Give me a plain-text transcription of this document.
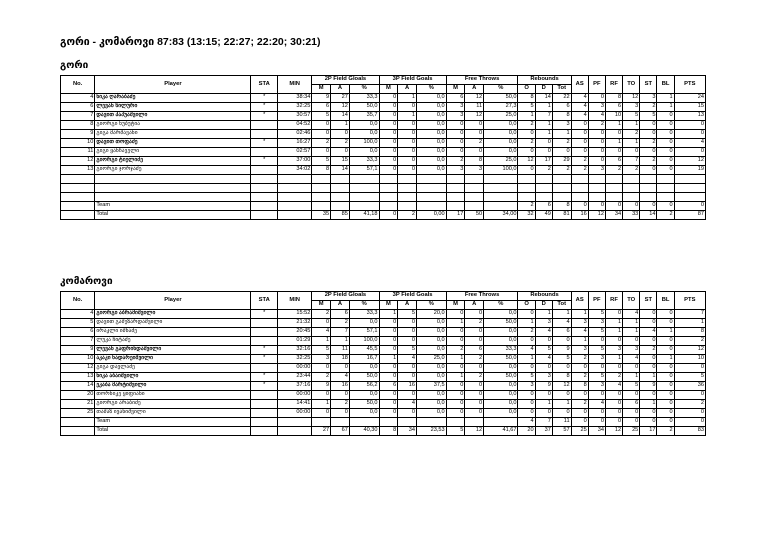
გორი - კომაროვი 87:83 (13:15; 22:27; 22:20; 30:21)
გორი
No.	Player	STA	MIN	2P Field Gloals			3P Field Goals			Free Throws			Rebounds			AS	PF	RF	TO	ST	BL	PTS
				M	A	%	M	A	%	M	A	%	O	D	Tot							
4	ნიკა ღარაბაძე	*	38:34	9	27	33,3	0	1	0,0	6	12	50,0	8	14	22	4	0	8	12	3	1	24
6	ლევან წილური	*	32:25	6	12	50,0	0	0	0,0	3	11	27,3	5	1	6	4	3	6	3	2	1	15
7	დავით პაპუაშვილი	*	30:57	5	14	35,7	0	1	0,0	3	12	25,0	1	7	8	4	4	10	5	5	0	13
8	გიორგი ხუბუტია		04:52	0	1	0,0	0	0	0,0	0	0	0,0	2	1	3	0	2	1	1	0	0	0
9	გიგა მარშავანი		02:46	0	0	0,0	0	0	0,0	0	0	0,0	0	1	1	0	0	0	2	0	0	0
10	დავით თოფაძე	*	16:27	2	2	100,0	0	0	0,0	0	2	0,0	2	0	2	0	0	1	1	2	0	4
11	გიგი ყანჩაველი		02:57	0	0	0,0	0	0	0,0	0	0	0,0	0	0	0	0	0	0	0	0	0	0
12	გიორგი ტიელიძე	*	37:00	5	15	33,3	0	0	0,0	2	8	25,0	12	17	29	2	0	6	7	2	0	12
13	გიორგი ჯორჯაძე		34:02	8	14	57,1	0	0	0,0	3	3	100,0	0	2	2	2	3	2	2	0	0	19

	Team												2	6	8	0	0	0	0	0	0	0
	Total			35	85	41,18	0	2	0,00	17	50	34,00	32	49	81	16	12	34	33	14	2	87
კომაროვი
No.	Player	STA	MIN	2P Field Gloals			3P Field Goals			Free Throws			Rebounds			AS	PF	RF	TO	ST	BL	PTS
				M	A	%	M	A	%	M	A	%	O	D	Tot							
4	გიორგი აბრამიშვილი	*	15:52	2	6	33,3	1	5	20,0	0	0	0,0	0	1	1	1	5	0	4	0	0	7
5	დავით გამეზარდაშვილი		21:32	0	2	0,0	0	0	0,0	1	2	50,0	1	3	4	3	3	1	1	0	0	1
6	ირაკლი იმნაძე		20:45	4	7	57,1	0	0	0,0	0	0	0,0	2	4	6	4	5	1	1	4	1	8
7	ლუკა ჩიტაძე		01:29	1	1	100,0	0	0	0,0	0	0	0,0	0	0	0	1	0	0	0	0	0	2
9	ლევან გაფრინდაშვილი	*	32:16	5	11	45,5	0	5	0,0	2	6	33,3	4	5	9	3	5	3	3	2	0	12
10	აკაკი ნადარეიშვილი	*	32:25	3	18	16,7	1	4	25,0	1	2	50,0	1	4	5	2	3	1	4	0	1	10
12	გიგა დავლაძე		00:00	0	0	0,0	0	0	0,0	0	0	0,0	0	0	0	0	0	0	0	0	0	0
13	ნიკა აბაიშვილი	*	23:44	2	4	50,0	0	0	0,0	1	2	50,0	5	3	8	2	5	2	1	1	0	5
14	ეკაბა მარტიშვილი	*	37:16	9	16	56,2	6	16	37,5	0	0	0,0	3	9	12	8	3	4	5	9	0	36
20	თორნიკე ყიფიანი		00:00	0	0	0,0	0	0	0,0	0	0	0,0	0	0	0	0	0	0	0	0	0	0
21	გიორგი არაბიძე		14:41	1	2	50,0	0	4	0,0	0	0	0,0	0	1	1	2	4	0	6	1	0	2
25	თამაზ ივანიშვილი		00:00	0	0	0,0	0	0	0,0	0	0	0,0	0	0	0	0	0	0	0	0	0	0
	Team												4	7	11	0	0	0	0	0	0	0
	Total			27	67	40,30	8	34	23,53	5	12	41,67	20	37	57	25	34	12	25	17	2	83
